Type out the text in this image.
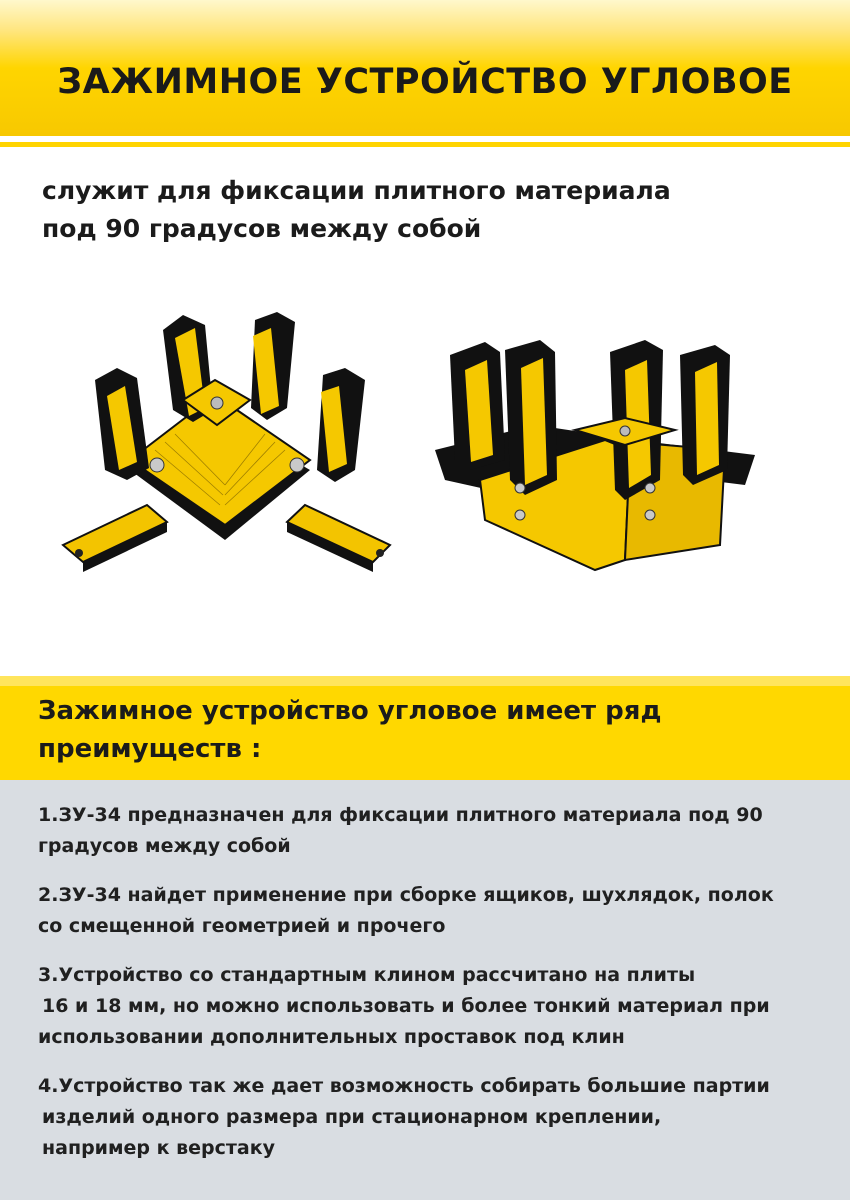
ЗАЖИМНОЕ УСТРОЙСТВО УГЛОВОЕ

служит для фиксации плитного материала
под 90 градусов между собой

Зажимное устройство угловое имеет ряд
преимуществ :
1.ЗУ-34 предназначен для фиксации плитного материала под 90
градусов между собой
2.ЗУ-34 найдет применение при сборке ящиков, шухлядок, полок
со смещенной геометрией и прочего
3.Устройство со стандартным клином рассчитано на плиты
16 и 18 мм, но можно использовать и более тонкий материал при
использовании дополнительных проставок под клин
4.Устройство так же дает возможность собирать большие партии
изделий одного размера при стационарном креплении,
например к верстаку
